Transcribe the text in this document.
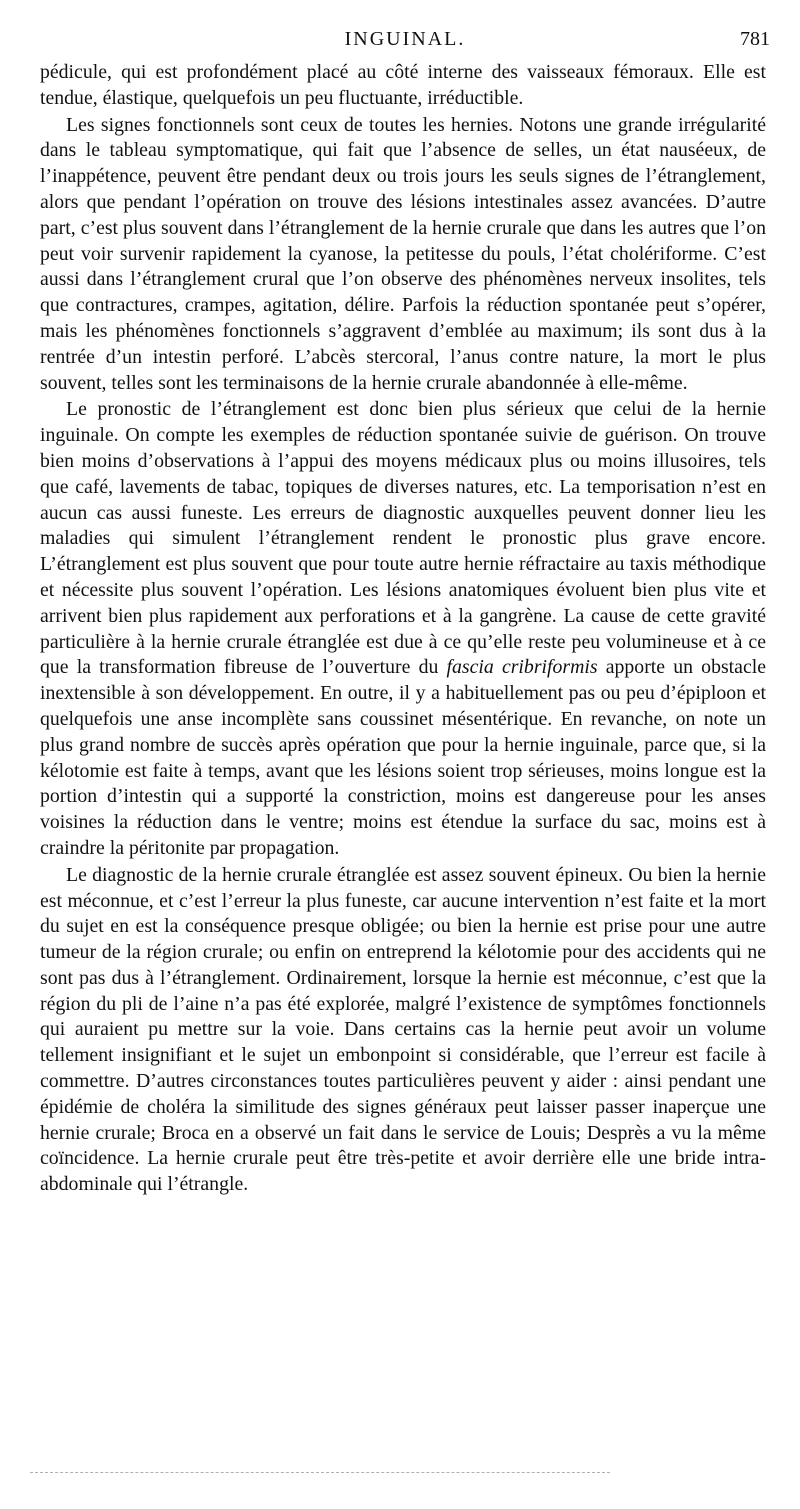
INGUINAL.	781

pédicule, qui est profondément placé au côté interne des vaisseaux fémoraux. Elle est tendue, élastique, quelquefois un peu fluctuante, irréductible.

Les signes fonctionnels sont ceux de toutes les hernies. Notons une grande irrégularité dans le tableau symptomatique, qui fait que l’absence de selles, un état nauséeux, de l’inappétence, peuvent être pendant deux ou trois jours les seuls signes de l’étranglement, alors que pendant l’opération on trouve des lésions intestinales assez avancées. D’autre part, c’est plus souvent dans l’étranglement de la hernie crurale que dans les autres que l’on peut voir survenir rapidement la cyanose, la petitesse du pouls, l’état cholériforme. C’est aussi dans l’étranglement crural que l’on observe des phénomènes nerveux insolites, tels que contractures, crampes, agitation, délire. Parfois la réduction spontanée peut s’opérer, mais les phénomènes fonctionnels s’aggravent d’emblée au maximum; ils sont dus à la rentrée d’un intestin perforé. L’abcès stercoral, l’anus contre nature, la mort le plus souvent, telles sont les terminaisons de la hernie crurale abandonnée à elle-même.

Le pronostic de l’étranglement est donc bien plus sérieux que celui de la hernie inguinale. On compte les exemples de réduction spontanée suivie de guérison. On trouve bien moins d’observations à l’appui des moyens médicaux plus ou moins illusoires, tels que café, lavements de tabac, topiques de diverses natures, etc. La temporisation n’est en aucun cas aussi funeste. Les erreurs de diagnostic auxquelles peuvent donner lieu les maladies qui simulent l’étranglement rendent le pronostic plus grave encore. L’étranglement est plus souvent que pour toute autre hernie réfractaire au taxis méthodique et nécessite plus souvent l’opération. Les lésions anatomiques évoluent bien plus vite et arrivent bien plus rapidement aux perforations et à la gangrène. La cause de cette gravité particulière à la hernie crurale étranglée est due à ce qu’elle reste peu volumineuse et à ce que la transformation fibreuse de l’ouverture du fascia cribriformis apporte un obstacle inextensible à son développement. En outre, il y a habituellement pas ou peu d’épiploon et quelquefois une anse incomplète sans coussinet mésentérique. En revanche, on note un plus grand nombre de succès après opération que pour la hernie inguinale, parce que, si la kélotomie est faite à temps, avant que les lésions soient trop sérieuses, moins longue est la portion d’intestin qui a supporté la constriction, moins est dangereuse pour les anses voisines la réduction dans le ventre; moins est étendue la surface du sac, moins est à craindre la péritonite par propagation.

Le diagnostic de la hernie crurale étranglée est assez souvent épineux. Ou bien la hernie est méconnue, et c’est l’erreur la plus funeste, car aucune intervention n’est faite et la mort du sujet en est la conséquence presque obligée; ou bien la hernie est prise pour une autre tumeur de la région crurale; ou enfin on entreprend la kélotomie pour des accidents qui ne sont pas dus à l’étranglement. Ordinairement, lorsque la hernie est méconnue, c’est que la région du pli de l’aine n’a pas été explorée, malgré l’existence de symptômes fonctionnels qui auraient pu mettre sur la voie. Dans certains cas la hernie peut avoir un volume tellement insignifiant et le sujet un embonpoint si considérable, que l’erreur est facile à commettre. D’autres circonstances toutes particulières peuvent y aider : ainsi pendant une épidémie de choléra la similitude des signes généraux peut laisser passer inaperçue une hernie crurale; Broca en a observé un fait dans le service de Louis; Desprès a vu la même coïncidence. La hernie crurale peut être très-petite et avoir derrière elle une bride intra-abdominale qui l’étrangle.
